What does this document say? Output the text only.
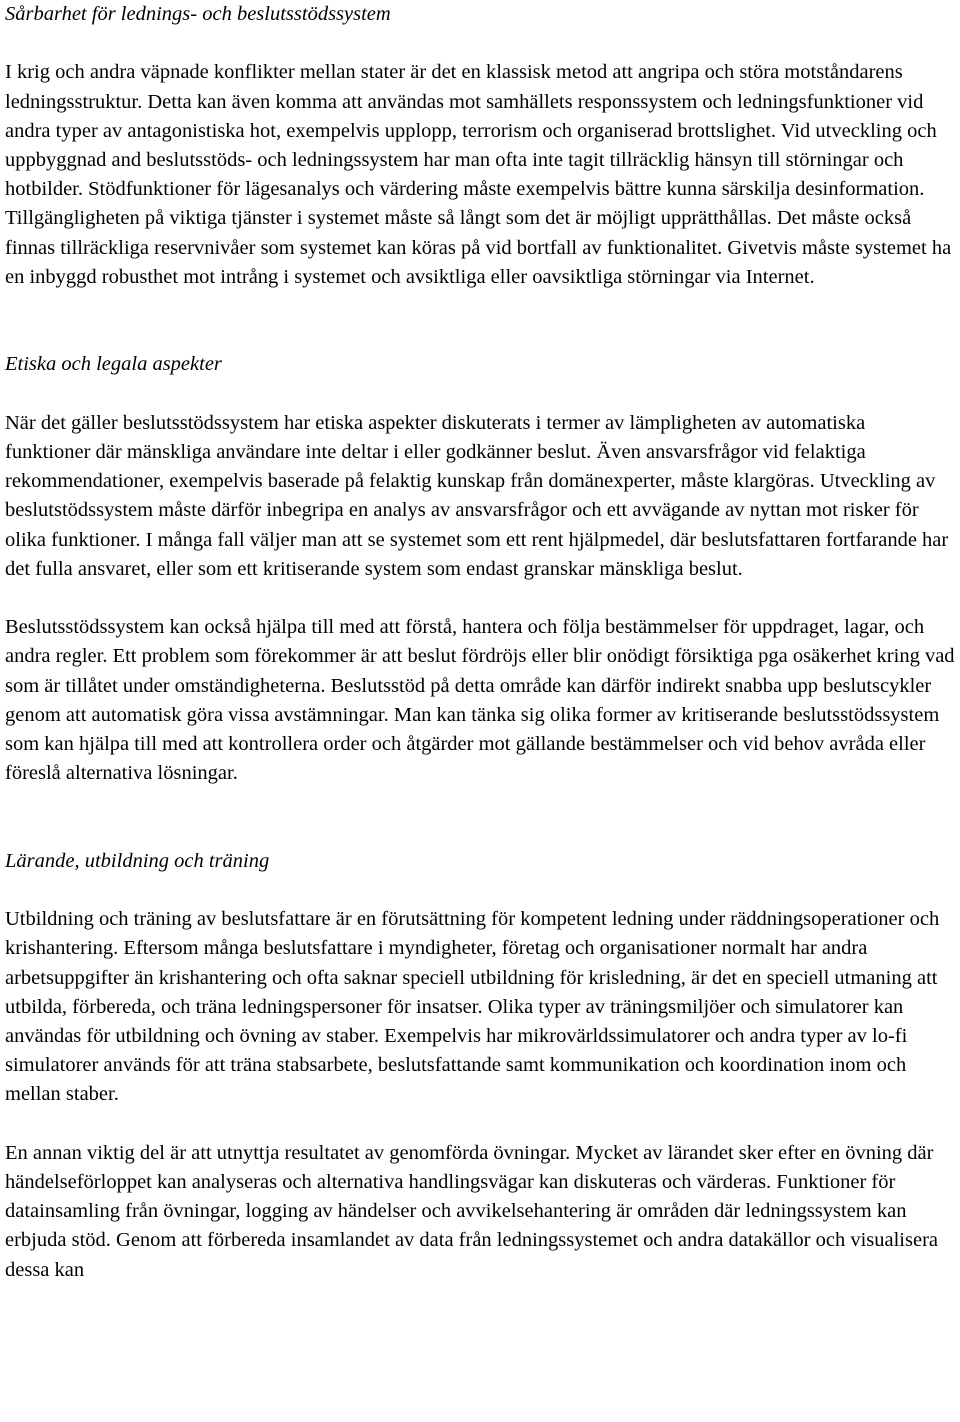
Sårbarhet för lednings- och beslutsstödssystem

I krig och andra väpnade konflikter mellan stater är det en klassisk metod att angripa och störa motståndarens ledningsstruktur. Detta kan även komma att användas mot samhällets responssystem och ledningsfunktioner vid andra typer av antagonistiska hot, exempelvis upplopp, terrorism och organiserad brottslighet. Vid utveckling och uppbyggnad and beslutsstöds- och ledningssystem har man ofta inte tagit tillräcklig hänsyn till störningar och hotbilder. Stödfunktioner för lägesanalys och värdering måste exempelvis bättre kunna särskilja desinformation. Tillgängligheten på viktiga tjänster i systemet måste så långt som det är möjligt upprätthållas. Det måste också finnas tillräckliga reservnivåer som systemet kan köras på vid bortfall av funktionalitet. Givetvis måste systemet ha en inbyggd robusthet mot intrång i systemet och avsiktliga eller oavsiktliga störningar via Internet.

Etiska och legala aspekter

När det gäller beslutsstödssystem har etiska aspekter diskuterats i termer av lämpligheten av automatiska funktioner där mänskliga användare inte deltar i eller godkänner beslut. Även ansvarsfrågor vid felaktiga rekommendationer, exempelvis baserade på felaktig kunskap från domänexperter, måste klargöras. Utveckling av beslutstödssystem måste därför inbegripa en analys av ansvarsfrågor och ett avvägande av nyttan mot risker för olika funktioner. I många fall väljer man att se systemet som ett rent hjälpmedel, där beslutsfattaren fortfarande har det fulla ansvaret, eller som ett kritiserande system som endast granskar mänskliga beslut.

Beslutsstödssystem kan också hjälpa till med att förstå, hantera och följa bestämmelser för uppdraget, lagar, och andra regler. Ett problem som förekommer är att beslut fördröjs eller blir onödigt försiktiga pga osäkerhet kring vad som är tillåtet under omständigheterna. Beslutsstöd på detta område kan därför indirekt snabba upp beslutscykler genom att automatisk göra vissa avstämningar. Man kan tänka sig olika former av kritiserande beslutsstödssystem som kan hjälpa till med att kontrollera order och åtgärder mot gällande bestämmelser och vid behov avråda eller föreslå alternativa lösningar.

Lärande, utbildning och träning

Utbildning och träning av beslutsfattare är en förutsättning för kompetent ledning under räddningsoperationer och krishantering. Eftersom många beslutsfattare i myndigheter, företag och organisationer normalt har andra arbetsuppgifter än krishantering och ofta saknar speciell utbildning för krisledning, är det en speciell utmaning att utbilda, förbereda, och träna ledningspersoner för insatser. Olika typer av träningsmiljöer och simulatorer kan användas för utbildning och övning av staber. Exempelvis har mikrovärldssimulatorer och andra typer av lo-fi simulatorer används för att träna stabsarbete, beslutsfattande samt kommunikation och koordination inom och mellan staber.

En annan viktig del är att utnyttja resultatet av genomförda övningar. Mycket av lärandet sker efter en övning där händelseförloppet kan analyseras och alternativa handlingsvägar kan diskuteras och värderas. Funktioner för datainsamling från övningar, logging av händelser och avvikelsehantering är områden där ledningssystem kan erbjuda stöd. Genom att förbereda insamlandet av data från ledningssystemet och andra datakällor och visualisera dessa kan
